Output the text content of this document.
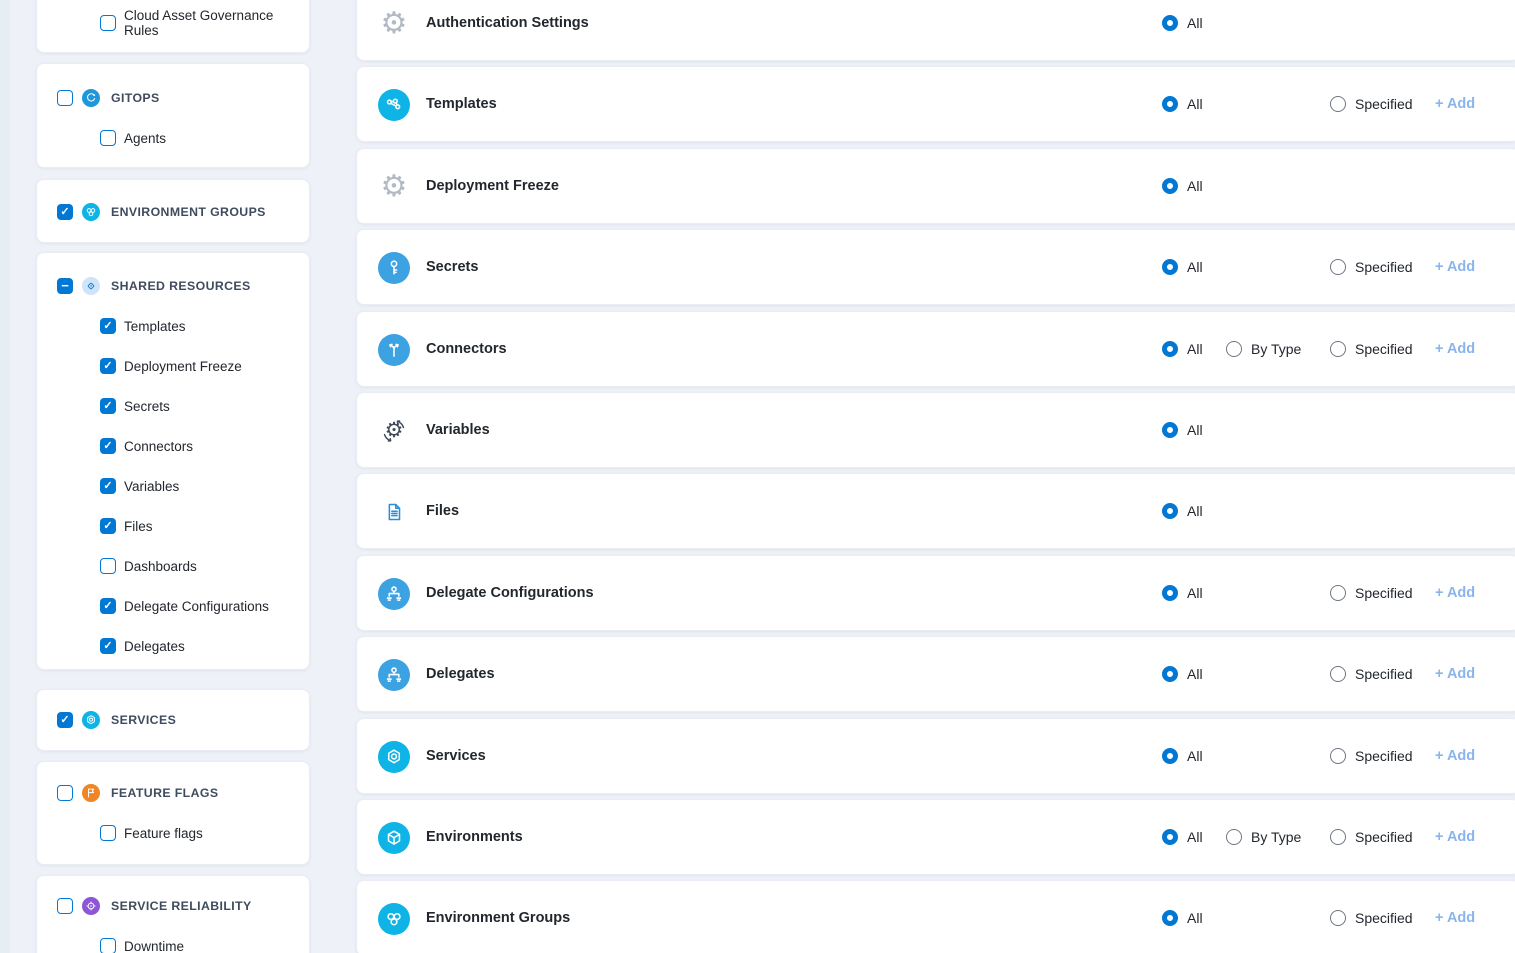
Cloud Asset Governance Rules
GITOPS
Agents
✓
ENVIRONMENT GROUPS
−
SHARED RESOURCES
✓
Templates
✓
Deployment Freeze
✓
Secrets
✓
Connectors
✓
Variables
✓
Files
Dashboards
✓
Delegate Configurations
✓
Delegates
✓
SERVICES
FEATURE FLAGS
Feature flags
SERVICE RELIABILITY
Downtime
⚙ Authentication Settings	All
Templates	All	Specified + Add
⚙ Deployment Freeze	All
Secrets	All	Specified + Add
Connectors	All	By Type	Specified + Add
⚙ Variables	All
Files	All
Delegate Configurations	All	Specified + Add
Delegates	All	Specified + Add
Services	All	Specified + Add
Environments	All	By Type	Specified + Add
Environment Groups	All	Specified + Add
